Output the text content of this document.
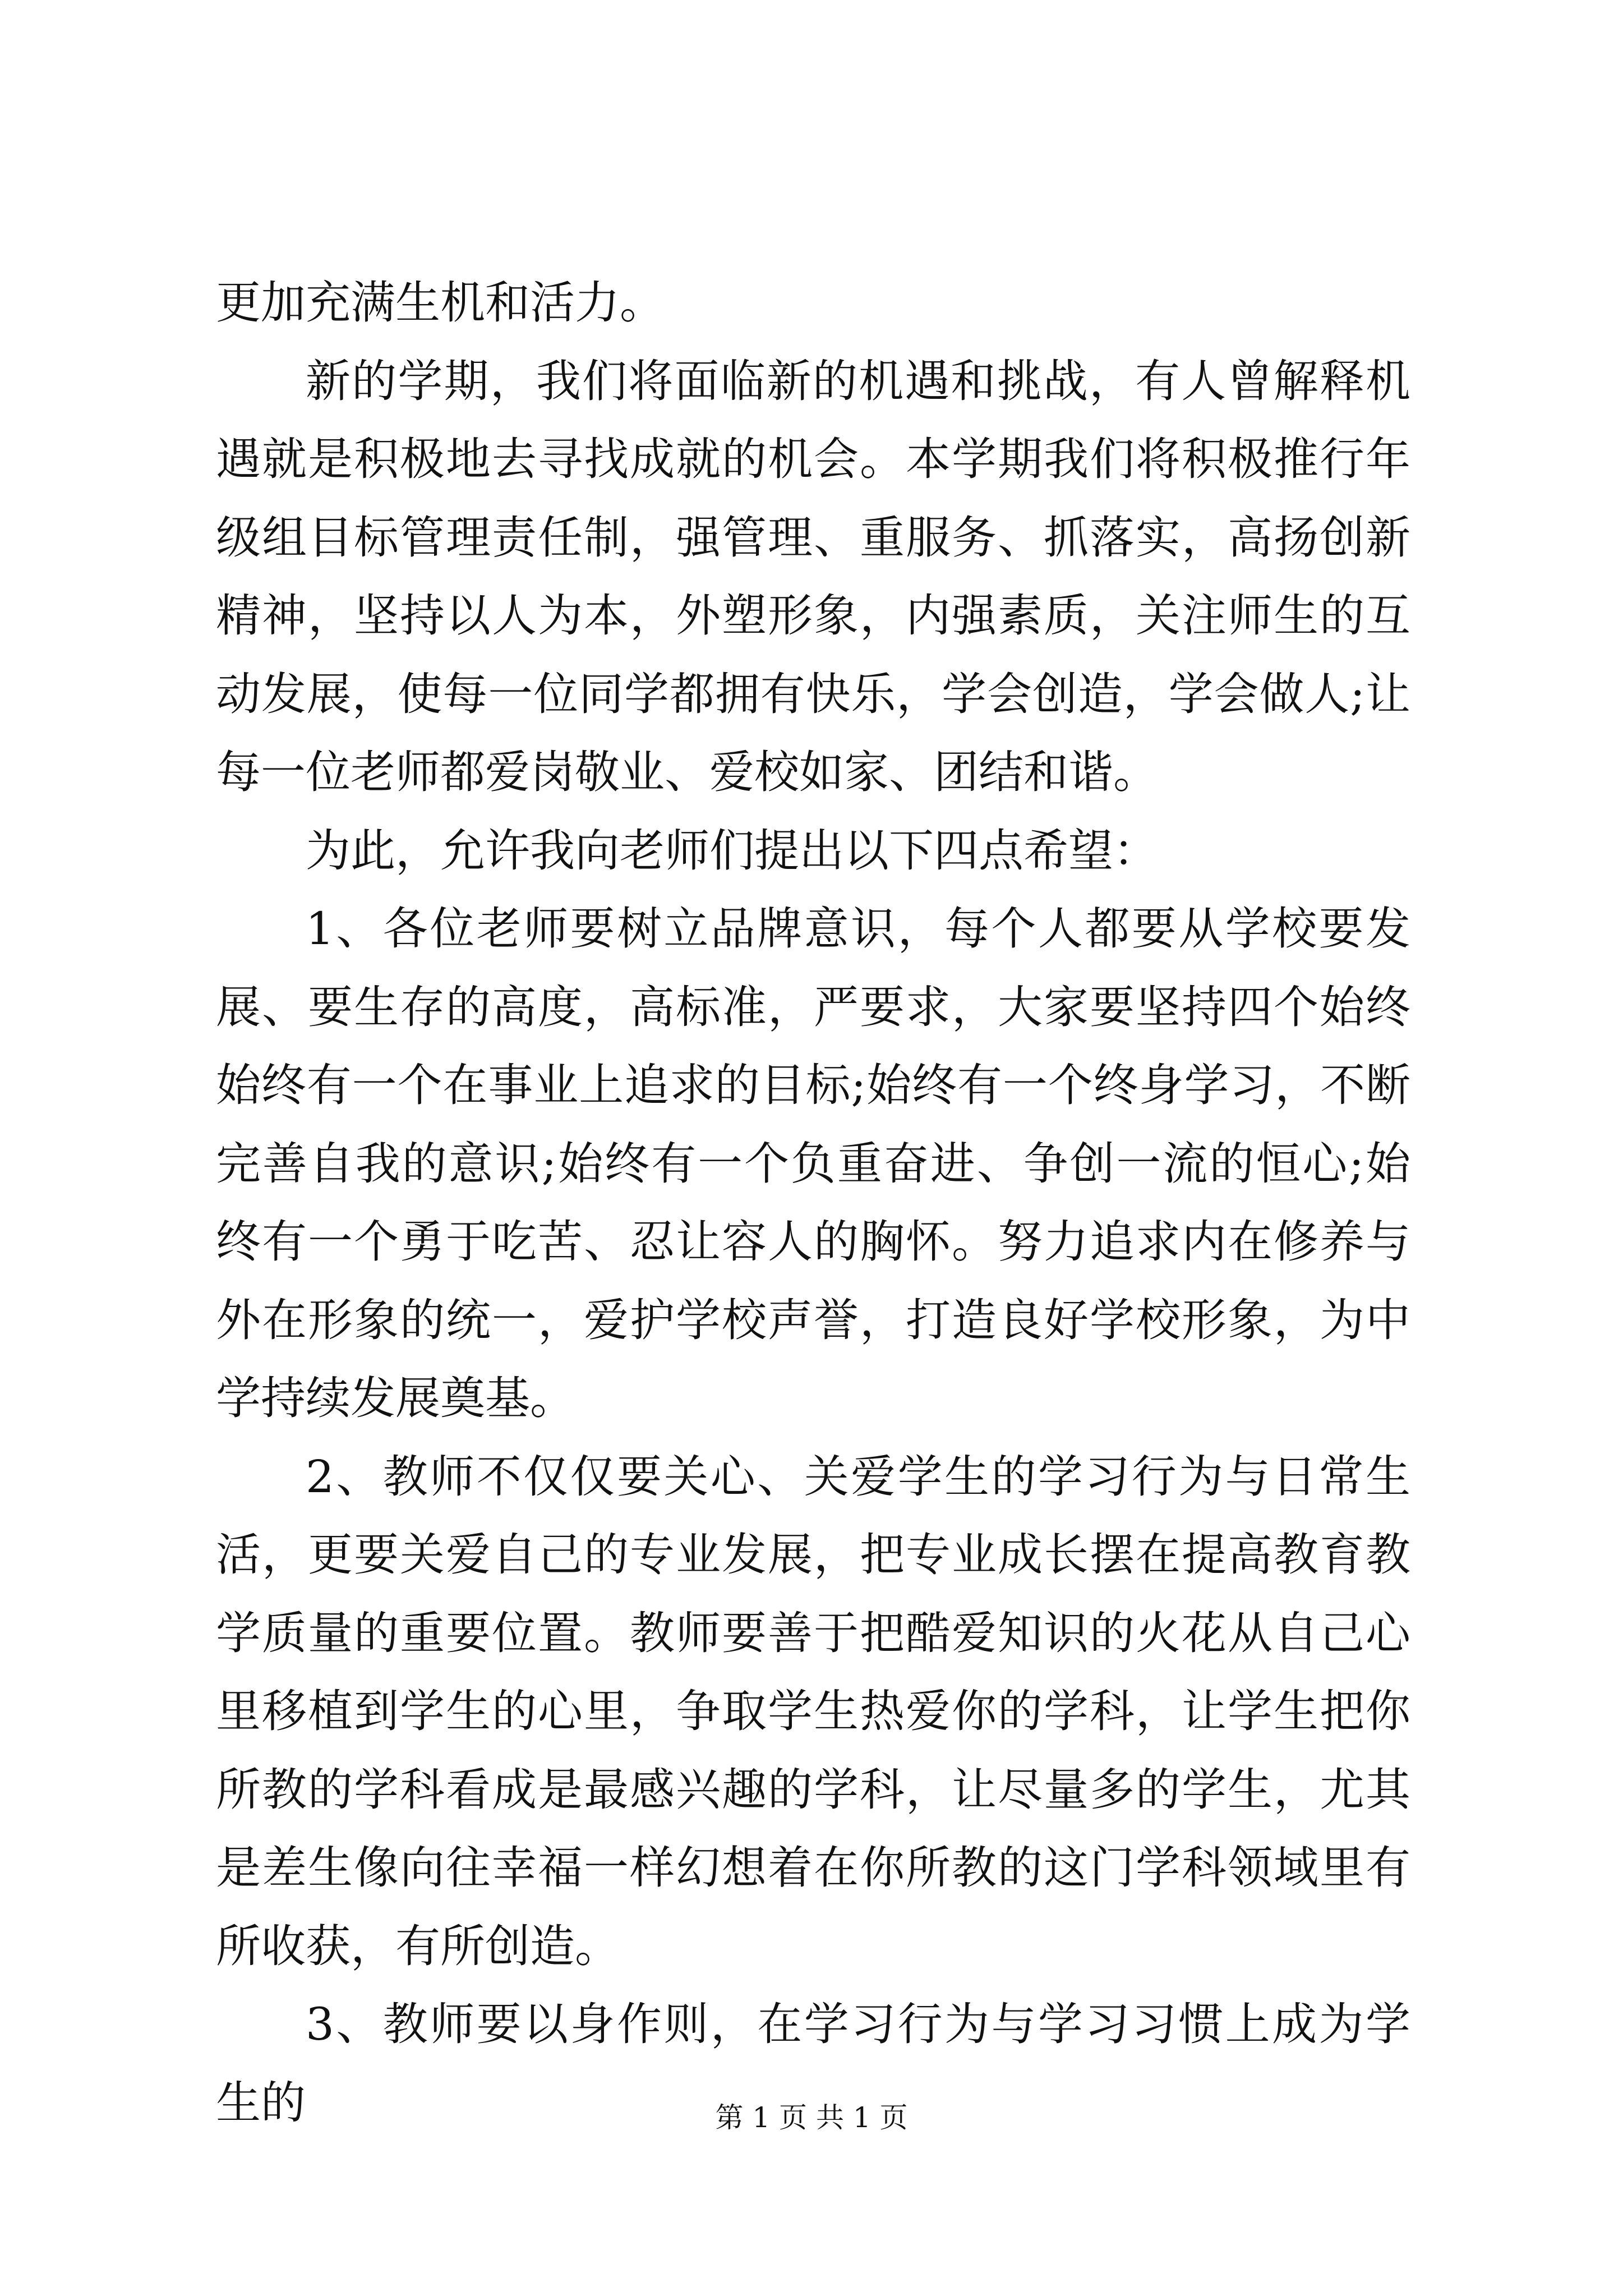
更加充满生机和活力。

新的学期，我们将面临新的机遇和挑战，有人曾解释机遇就是积极地去寻找成就的机会。本学期我们将积极推行年级组目标管理责任制，强管理、重服务、抓落实，高扬创新精神，坚持以人为本，外塑形象，内强素质，关注师生的互动发展，使每一位同学都拥有快乐，学会创造，学会做人;让每一位老师都爱岗敬业、爱校如家、团结和谐。

为此，允许我向老师们提出以下四点希望：

1、各位老师要树立品牌意识，每个人都要从学校要发展、要生存的高度，高标准，严要求，大家要坚持四个始终始终有一个在事业上追求的目标;始终有一个终身学习，不断完善自我的意识;始终有一个负重奋进、争创一流的恒心;始终有一个勇于吃苦、忍让容人的胸怀。努力追求内在修养与外在形象的统一，爱护学校声誉，打造良好学校形象，为中学持续发展奠基。

2、教师不仅仅要关心、关爱学生的学习行为与日常生活，更要关爱自己的专业发展，把专业成长摆在提高教育教学质量的重要位置。教师要善于把酷爱知识的火花从自己心里移植到学生的心里，争取学生热爱你的学科，让学生把你所教的学科看成是最感兴趣的学科，让尽量多的学生，尤其是差生像向往幸福一样幻想着在你所教的这门学科领域里有所收获，有所创造。

3、教师要以身作则，在学习行为与学习习惯上成为学生的	第 1 页 共 1 页
